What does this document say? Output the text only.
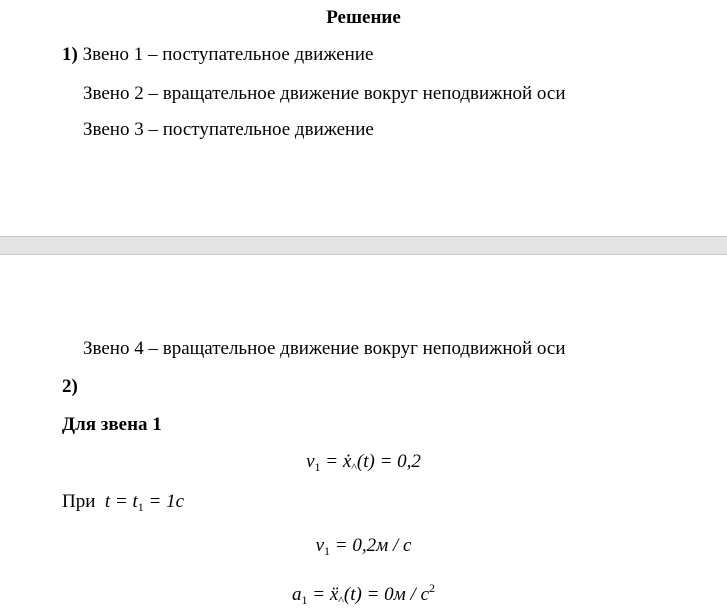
Решение
1) Звено 1 – поступательное движение
Звено 2 – вращательное движение вокруг неподвижной оси
Звено 3 – поступательное движение
Звено 4 – вращательное движение вокруг неподвижной оси
2)
Для звена 1
$v_1$ = ẋ$_{\^{}}$(t) = 0,2
При $t = t_1 = 1c$
$v_1 = 0,2м / c$
$a_1$ = ẍ$_{\^{}}$(t) = $0м / c^2$
